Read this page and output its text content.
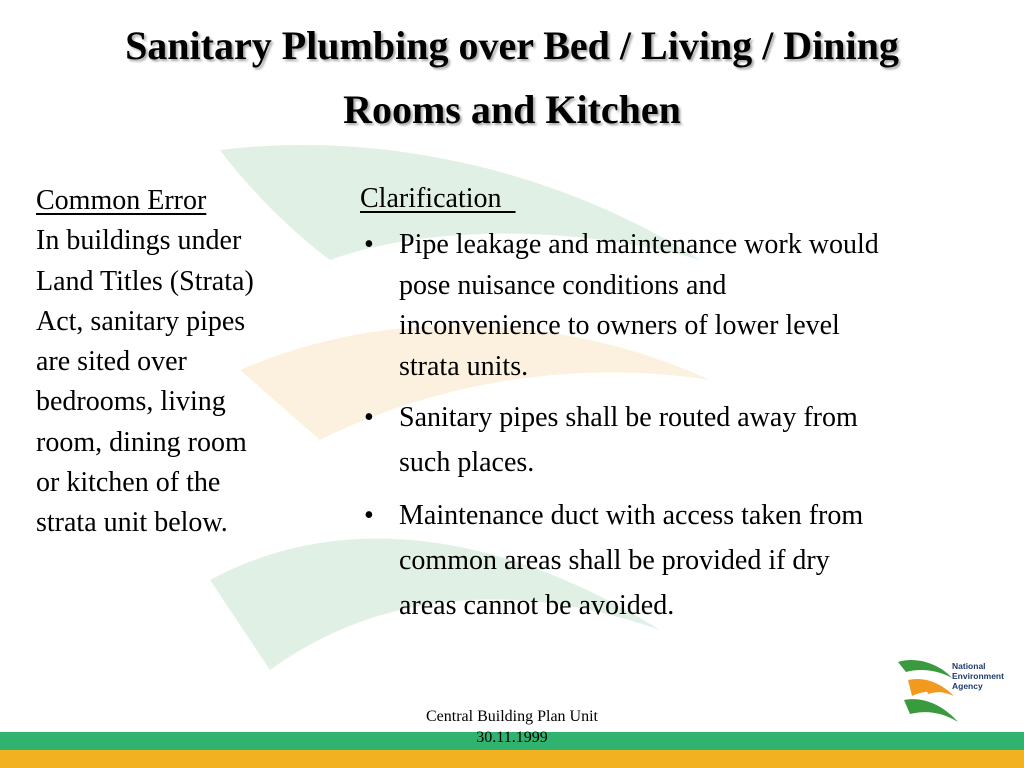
Sanitary Plumbing over Bed / Living / Dining
Rooms and Kitchen
Common Error
In buildings under
Land Titles (Strata)
Act, sanitary pipes
are sited over
bedrooms, living
room, dining room
or kitchen of the
strata unit below.
Clarification
• Pipe leakage and maintenance work would
pose nuisance conditions and
inconvenience to owners of lower level
strata units.
• Sanitary pipes shall be routed away from
such places.
• Maintenance duct with access taken from
common areas shall be provided if dry
areas cannot be avoided.
National
Environment
Agency
Central Building Plan Unit
30.11.1999
